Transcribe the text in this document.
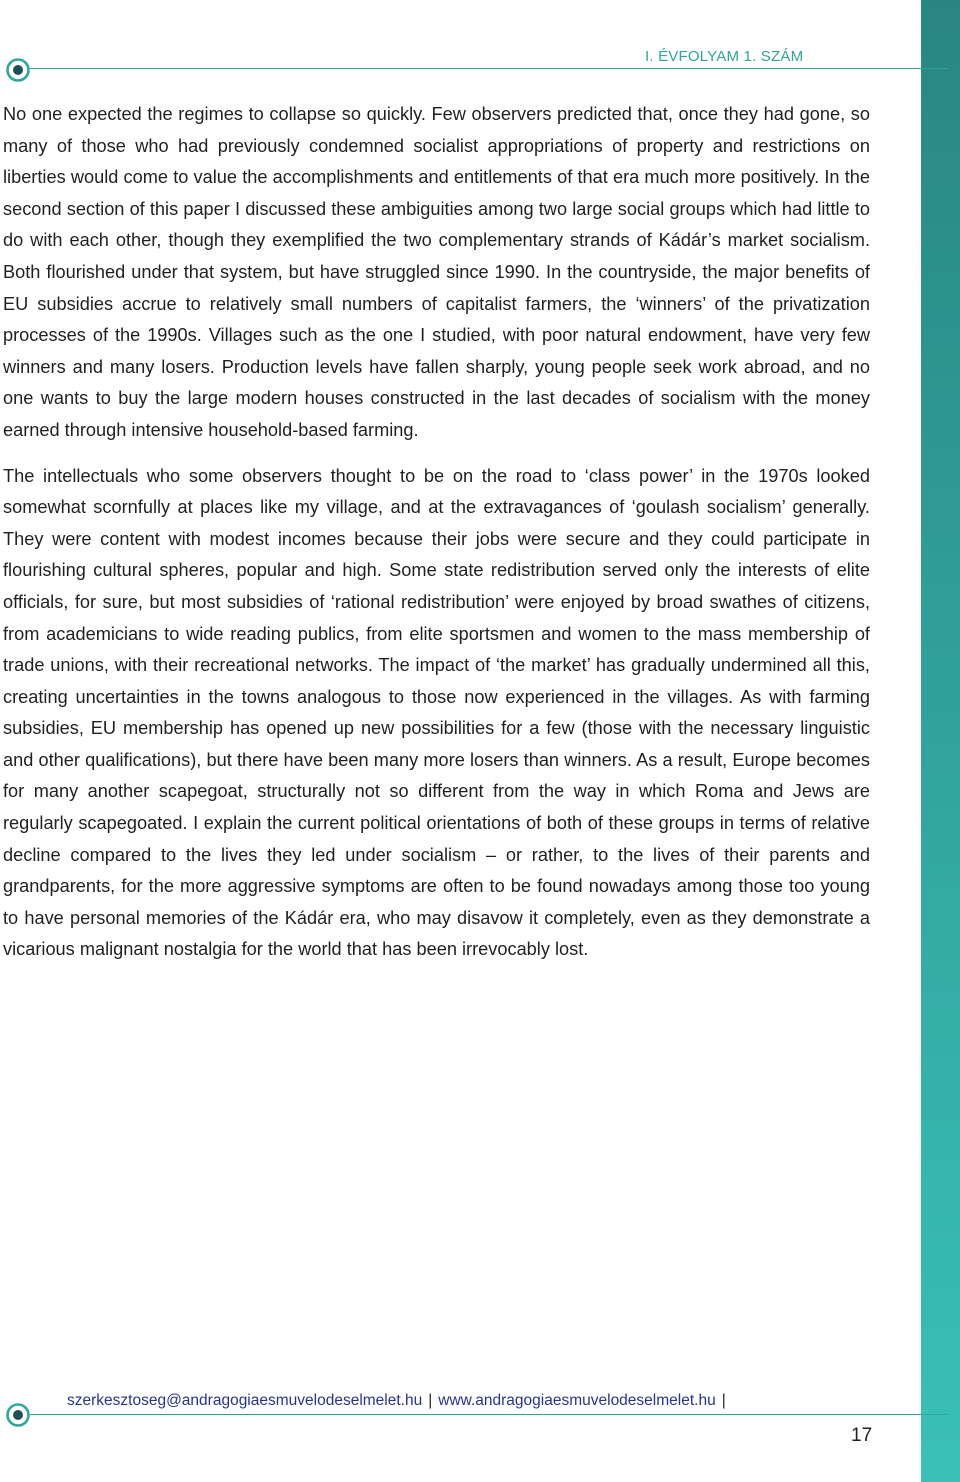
I. ÉVFOLYAM 1. SZÁM

No one expected the regimes to collapse so quickly. Few observers predicted that, once they had gone, so many of those who had previously condemned socialist appropriations of property and restrictions on liberties would come to value the accomplishments and entitlements of that era much more positively. In the second section of this paper I discussed these ambiguities among two large social groups which had little to do with each other, though they exemplified the two complementary strands of Kádár’s market socialism. Both flourished under that system, but have struggled since 1990. In the countryside, the major benefits of EU subsidies accrue to relatively small numbers of capitalist farmers, the ‘winners’ of the privatization processes of the 1990s. Villages such as the one I studied, with poor natural endowment, have very few winners and many losers. Production levels have fallen sharply, young people seek work abroad, and no one wants to buy the large modern houses constructed in the last decades of socialism with the money earned through intensive household-based farming.

The intellectuals who some observers thought to be on the road to ‘class power’ in the 1970s looked somewhat scornfully at places like my village, and at the extravagances of ‘goulash socialism’ generally. They were content with modest incomes because their jobs were secure and they could participate in flourishing cultural spheres, popular and high. Some state redistribution served only the interests of elite officials, for sure, but most subsidies of ‘rational redistribution’ were enjoyed by broad swathes of citizens, from academicians to wide reading publics, from elite sportsmen and women to the mass membership of trade unions, with their recreational networks. The impact of ‘the market’ has gradually undermined all this, creating uncertainties in the towns analogous to those now experienced in the villages. As with farming subsidies, EU membership has opened up new possibilities for a few (those with the necessary linguistic and other qualifications), but there have been many more losers than winners. As a result, Europe becomes for many another scapegoat, structurally not so different from the way in which Roma and Jews are regularly scapegoated. I explain the current political orientations of both of these groups in terms of relative decline compared to the lives they led under socialism – or rather, to the lives of their parents and grandparents, for the more aggressive symptoms are often to be found nowadays among those too young to have personal memories of the Kádár era, who may disavow it completely, even as they demonstrate a vicarious malignant nostalgia for the world that has been irrevocably lost.

szerkesztoseg@andragogiaesmuvelodeselmelet.hu | www.andragogiaesmuvelodeselmelet.hu |
17
